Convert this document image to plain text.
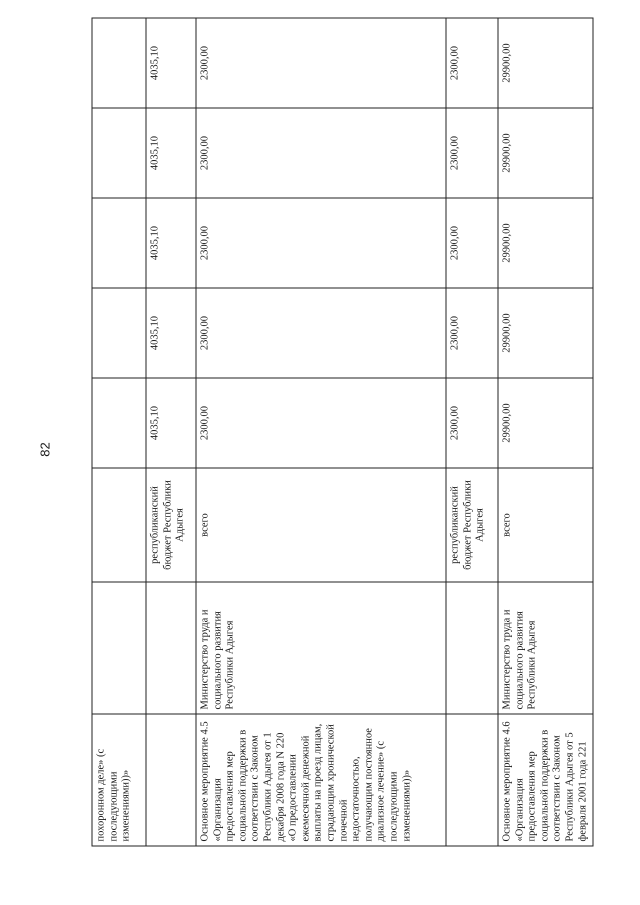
82
похоронном деле» (с последующими изменениями))»							
		республиканский бюджет Республики Адыгея	4035,10	4035,10	4035,10	4035,10	4035,10
Основное мероприятие 4.5 «Организация предоставления мер социальной поддержки в соответствии с Законом Республики Адыгея от 1 декабря 2008 года N 220 «О предоставлении ежемесячной денежной выплаты на проезд лицам, страдающим хронической почечной недостаточностью, получающим постоянное диализное лечение» (с последующими изменениями))»	Министерство труда и социального развития Республики Адыгея	всего	2300,00	2300,00	2300,00	2300,00	2300,00
		республиканский бюджет Республики Адыгея	2300,00	2300,00	2300,00	2300,00	2300,00
Основное мероприятие 4.6 «Организация предоставления мер социальной поддержки в соответствии с Законом Республики Адыгея от 5 февраля 2001 года 221	Министерство труда и социального развития Республики Адыгея	всего	29900,00	29900,00	29900,00	29900,00	29900,00
